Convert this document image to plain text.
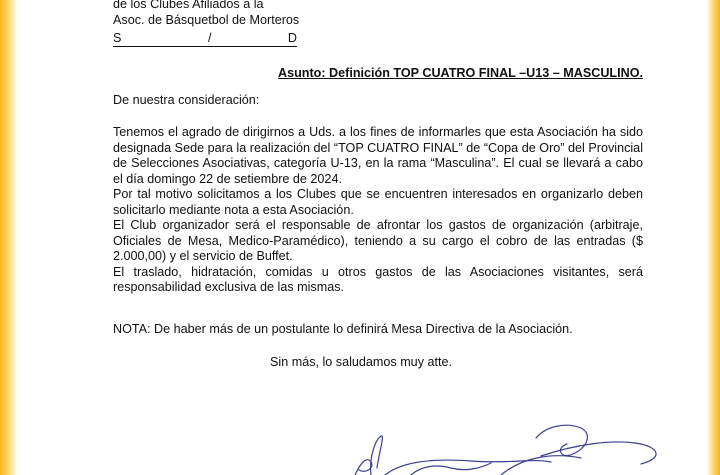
de los Clubes Afiliados a la
Asoc. de Básquetbol de Morteros
S	/	D
Asunto: Definición TOP CUATRO FINAL –U13 – MASCULINO.
De nuestra consideración:

Tenemos el agrado de dirigirnos a Uds. a los fines de informarles que esta Asociación ha sido designada Sede para la realización del “TOP CUATRO FINAL” de “Copa de Oro” del Provincial de Selecciones Asociativas, categoría U-13, en la rama “Masculina”. El cual se llevará a cabo el día domingo 22 de setiembre de 2024.

Por tal motivo solicitamos a los Clubes que se encuentren interesados en organizarlo deben solicitarlo mediante nota a esta Asociación.

El Club organizador será el responsable de afrontar los gastos de organización (arbitraje, Oficiales de Mesa, Medico-Paramédico), teniendo a su cargo el cobro de las entradas ($ 2.000,00) y el servicio de Buffet.

El traslado, hidratación, comidas u otros gastos de las Asociaciones visitantes, será responsabilidad exclusiva de las mismas.

NOTA: De haber más de un postulante lo definirá Mesa Directiva de la Asociación.
Sin más, lo saludamos muy atte.
